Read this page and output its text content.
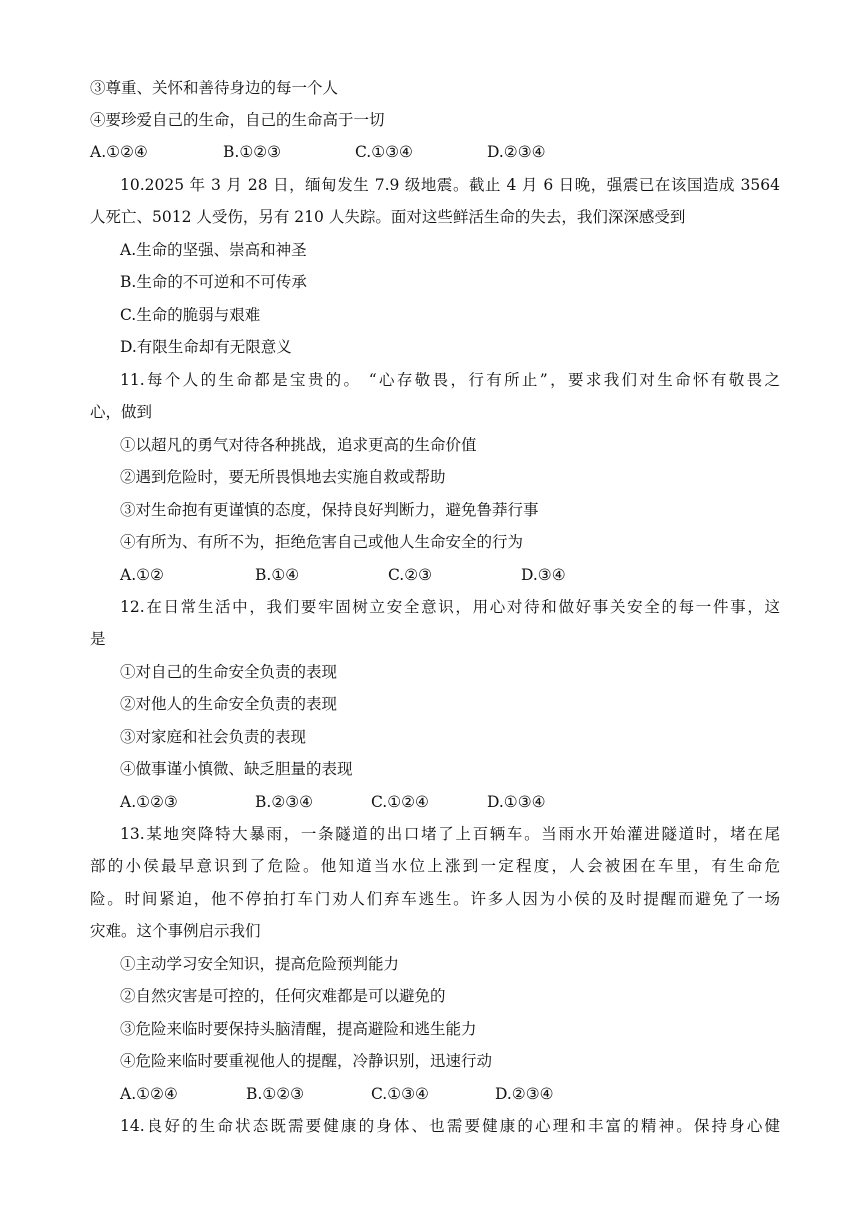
③尊重、关怀和善待身边的每一个人
④要珍爱自己的生命，自己的生命高于一切
A.①②④	B.①②③	C.①③④	D.②③④
10.2025 年 3 月 28 日，缅甸发生 7.9 级地震。截止 4 月 6 日晚，强震已在该国造成 3564
人死亡、5012 人受伤，另有 210 人失踪。面对这些鲜活生命的失去，我们深深感受到
A.生命的坚强、崇高和神圣
B.生命的不可逆和不可传承
C.生命的脆弱与艰难
D.有限生命却有无限意义
11.每个人的生命都是宝贵的。 “心存敬畏，行有所止”，要求我们对生命怀有敬畏之
心，做到
①以超凡的勇气对待各种挑战，追求更高的生命价值
②遇到危险时，要无所畏惧地去实施自救或帮助
③对生命抱有更谨慎的态度，保持良好判断力，避免鲁莽行事
④有所为、有所不为，拒绝危害自己或他人生命安全的行为
A.①②	B.①④	C.②③	D.③④
12.在日常生活中，我们要牢固树立安全意识，用心对待和做好事关安全的每一件事，这
是
①对自己的生命安全负责的表现
②对他人的生命安全负责的表现
③对家庭和社会负责的表现
④做事谨小慎微、缺乏胆量的表现
A.①②③	B.②③④	C.①②④	D.①③④
13.某地突降特大暴雨，一条隧道的出口堵了上百辆车。当雨水开始灌进隧道时，堵在尾
部的小侯最早意识到了危险。他知道当水位上涨到一定程度，人会被困在车里，有生命危
险。时间紧迫，他不停拍打车门劝人们弃车逃生。许多人因为小侯的及时提醒而避免了一场
灾难。这个事例启示我们
①主动学习安全知识，提高危险预判能力
②自然灾害是可控的，任何灾难都是可以避免的
③危险来临时要保持头脑清醒，提高避险和逃生能力
④危险来临时要重视他人的提醒，冷静识别，迅速行动
A.①②④	B.①②③	C.①③④	D.②③④
14.良好的生命状态既需要健康的身体、也需要健康的心理和丰富的精神。保持身心健
